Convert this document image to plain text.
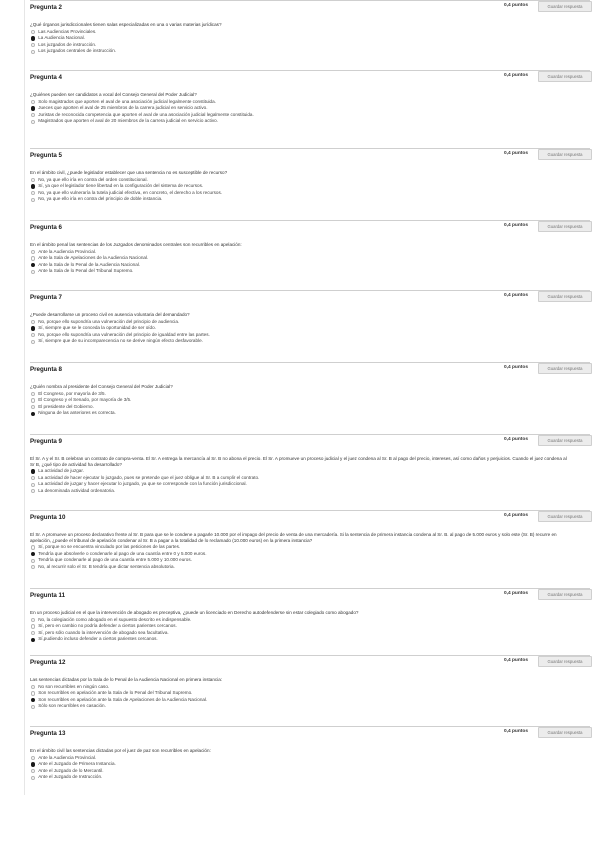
Pregunta 2	0,4 puntos	Guardar respuesta
¿Qué órganos jurisdiccionales tienen salas especializadas en una o varias materias jurídicas?
Las Audiencias Provinciales.
La Audiencia Nacional.
Los juzgados de instrucción.
Los juzgados centrales de instrucción.
Pregunta 4	0,4 puntos	Guardar respuesta
¿Quiénes pueden ser candidatos a vocal del Consejo General del Poder Judicial?
Solo magistrados que aporten el aval de una asociación judicial legalmente constituida.
Jueces que aporten el aval de 25 miembros de la carrera judicial en servicio activo.
Juristas de reconocida competencia que aporten el aval de una asociación judicial legalmente constituida.
Magistrados que aporten el aval de 20 miembros de la carrera judicial en servicio activo.
Pregunta 5	0,4 puntos	Guardar respuesta
En el ámbito civil, ¿puede legislador establecer que una sentencia no es susceptible de recurso?
No, ya que ello iría en contra del orden constitucional.
Sí, ya que el legislador tiene libertad en la configuración del sistema de recursos.
No, ya que ello vulneraría la tutela judicial efectiva, en concreto, el derecho a los recursos.
No, ya que ello iría en contra del principio de doble instancia.
Pregunta 6	0,4 puntos	Guardar respuesta
En el ámbito penal las sentencias de los Juzgados denominados centrales son recurribles en apelación:
Ante la Audiencia Provincial.
Ante la Sala de Apelaciones de la Audiencia Nacional.
Ante la Sala de lo Penal de la Audiencia Nacional.
Ante la Sala de lo Penal del Tribunal Supremo.
Pregunta 7	0,4 puntos	Guardar respuesta
¿Puede desarrollarse un proceso civil en ausencia voluntaria del demandado?
No, porque ello supondría una vulneración del principio de audiencia.
Sí, siempre que se le conceda la oportunidad de ser oído.
No, porque ello supondría una vulneración del principio de igualdad entre las partes.
Sí, siempre que de su incomparecencia no se derive ningún efecto desfavorable.
Pregunta 8	0,4 puntos	Guardar respuesta
¿Quién nombra al presidente del Consejo General del Poder Judicial?
El Congreso, por mayoría de 3/5.
El Congreso y el Senado, por mayoría de 3/5.
El presidente del Gobierno.
Ninguna de las anteriores es correcta.
Pregunta 9	0,4 puntos	Guardar respuesta
El Sr. A y el Sr. B celebran un contrato de compra-venta. El Sr. A entrega la mercancía al Sr. B no abona el precio. El Sr. A promueve un proceso judicial y el juez condena al Sr. B al pago del precio, intereses, así como daños y perjuicios. Cuando el juez condena al Sr B, ¿qué tipo de actividad ha desarrollado?
La actividad de juzgar.
La actividad de hacer ejecutar lo juzgado, pues se pretende que el juez obligue al Sr. B a cumplir el contrato.
La actividad de juzgar y hacer ejecutar lo juzgado, ya que se corresponde con la función jurisdiccional.
La denominada actividad ordenatoria.
Pregunta 10	0,4 puntos	Guardar respuesta
El Sr. A promueve un proceso declarativo frente al Sr. B para que se le condene a pagarle 10.000 por el impago del precio de venta de una mercadería. Si la sentencia de primera instancia condena al Sr. B. al pago de 5.000 euros y solo este (Sr. B) recurre en apelación, ¿puede el tribunal de apelación condenar al Sr. B a pagar a la totalidad de lo reclamado (10.000 euros) en la primera instancia?
Sí, porque no se encuentra vinculado por las peticiones de las partes.
Tendría que absolverle o condenarle al pago de una cuantía entre 0 y 5.000 euros.
Tendría que condenarle al pago de una cuantía entre 5.000 y 10.000 euros.
No, al recurrir solo el Sr. B tendría que dictar sentencia absolutoria.
Pregunta 11	0,4 puntos	Guardar respuesta
En un proceso judicial en el que la intervención de abogado es preceptiva, ¿puede un licenciado en Derecho autodefenderse sin estar colegiado como abogado?
No, la colegiación como abogado en el supuesto descrito es indispensable.
Sí, pero en cambio no podría defender a ciertos parientes cercanos.
Sí, pero sólo cuando la intervención de abogado sea facultativa.
Sí,pudiendo incluso defender a ciertos parientes cercanos.
Pregunta 12	0,4 puntos	Guardar respuesta
Las sentencias dictadas por la Sala de lo Penal de la Audiencia Nacional en primera instancia:
No son recurribles en ningún caso.
Son recurribles en apelación ante la Sala de lo Penal del Tribunal Supremo.
Son recurribles en apelación ante la Sala de Apelaciones de la Audiencia Nacional.
Sólo son recurribles en casación.
Pregunta 13	0,4 puntos	Guardar respuesta
En el ámbito civil las sentencias dictadas por el juez de paz son recurribles en apelación:
Ante la Audiencia Provincial.
Ante el Juzgado de Primera Instancia.
Ante el Juzgado de lo Mercantil.
Ante el Juzgado de Instrucción.
